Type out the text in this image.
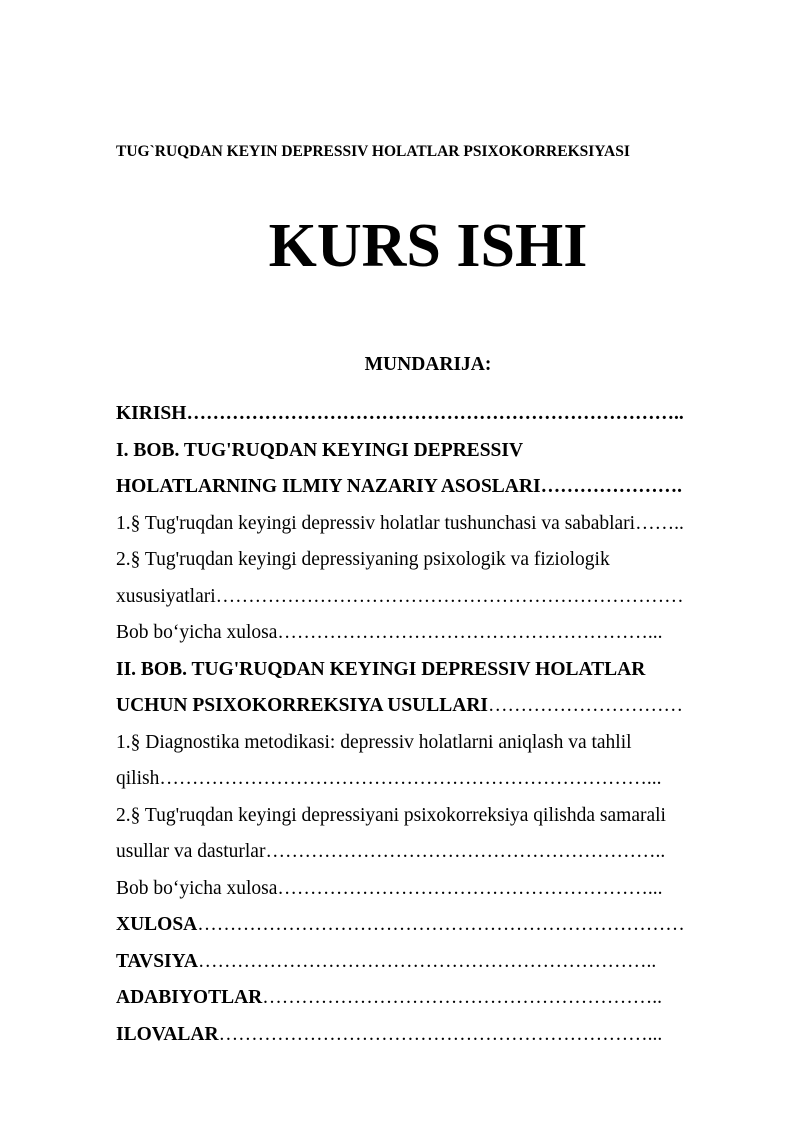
TUG`RUQDAN KEYIN DEPRESSIV HOLATLAR PSIXOKORREKSIYASI
KURS ISHI
MUNDARIJA:
KIRISH…………………………………………………………………..
I. BOB. TUG'RUQDAN KEYINGI DEPRESSIV
HOLATLARNING ILMIY NAZARIY ASOSLARI………………….
1.§ Tug'ruqdan keyingi depressiv holatlar tushunchasi va sabablari……..
2.§ Tug'ruqdan keyingi depressiyaning psixologik va fiziologik
xususiyatlari………………………………………………………………
Bob bo‘yicha xulosa…………………………………………………...
II. BOB. TUG'RUQDAN KEYINGI DEPRESSIV HOLATLAR
UCHUN PSIXOKORREKSIYA USULLARI…………………………
1.§ Diagnostika metodikasi: depressiv holatlarni aniqlash va tahlil
qilish…………………………………………………………………...
2.§ Tug'ruqdan keyingi depressiyani psixokorreksiya qilishda samarali
usullar va dasturlar……………………………………………………..
Bob bo‘yicha xulosa…………………………………………………...
XULOSA…………………………………………………………………
TAVSIYA……………………………………………………………..
ADABIYOTLAR……………………………………………………..
ILOVALAR…………………………………………………………...
